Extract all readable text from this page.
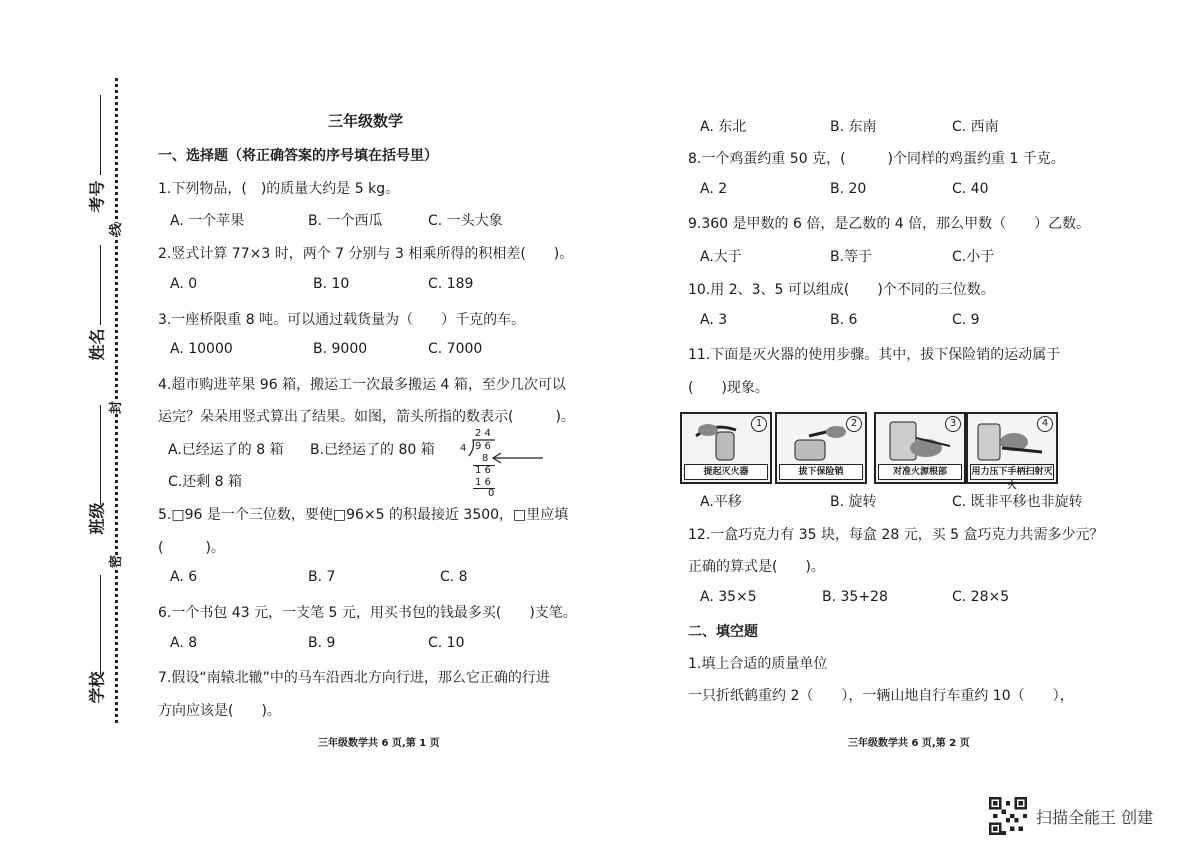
考号
姓名
班级
学校
线
封
密
三年级数学
一、选择题（将正确答案的序号填在括号里）
1.下列物品，(　)的质量大约是 5 kg。
A. 一个苹果	B. 一个西瓜	C. 一头大象
2.竖式计算 77×3 时，两个 7 分别与 3 相乘所得的积相差(　　)。
A. 0	B. 10	C. 189
3.一座桥限重 8 吨。可以通过载货量为（　　）千克的车。
A. 10000	B. 9000	C. 7000
4.超市购进苹果 96 箱，搬运工一次最多搬运 4 箱，至少几次可以
运完？朵朵用竖式算出了结果。如图，箭头所指的数表示(　　　)。
A.已经运了的 8 箱 B.已经运了的 80 箱
C.还剩 8 箱
4
2 4
9 6
8
1 6
1 6
0
5.□96 是一个三位数，要使□96×5 的积最接近 3500，□里应填
(　　　)。
A. 6	B. 7	C. 8
6.一个书包 43 元，一支笔 5 元，用买书包的钱最多买(　　)支笔。
A. 8	B. 9	C. 10
7.假设“南辕北辙”中的马车沿西北方向行进，那么它正确的行进
方向应该是(　　)。
三年级数学共 6 页,第 1 页
A. 东北	B. 东南	C. 西南
8.一个鸡蛋约重 50 克，(　　　)个同样的鸡蛋约重 1 千克。
A. 2	B. 20	C. 40
9.360 是甲数的 6 倍，是乙数的 4 倍，那么甲数（　　）乙数。
A.大于	B.等于	C.小于
10.用 2、3、5 可以组成(　　)个不同的三位数。
A. 3	B. 6	C. 9
11.下面是灭火器的使用步骤。其中，拔下保险销的运动属于
(　　)现象。
1
提起灭火器
2
拔下保险销
3
对准火源根部
4
用力压下手柄扫射灭火
A.平移	B. 旋转	C. 既非平移也非旋转
12.一盒巧克力有 35 块，每盒 28 元，买 5 盒巧克力共需多少元？
正确的算式是(　　)。
A. 35×5	B. 35+28	C. 28×5
二、填空题
1.填上合适的质量单位
一只折纸鹤重约 2（　　），一辆山地自行车重约 10（　　），
三年级数学共 6 页,第 2 页
扫描全能王 创建
